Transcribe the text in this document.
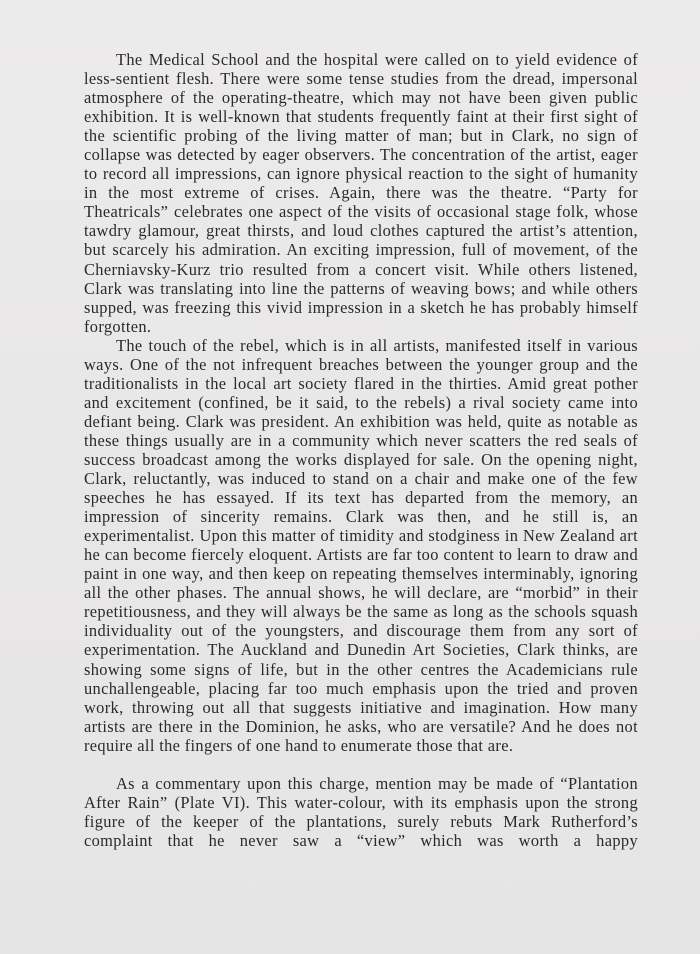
The Medical School and the hospital were called on to yield evidence of less-sentient flesh. There were some tense studies from the dread, impersonal atmosphere of the operating-theatre, which may not have been given public exhibition. It is well-known that students frequently faint at their first sight of the scientific probing of the living matter of man; but in Clark, no sign of collapse was detected by eager observers. The concentration of the artist, eager to record all impressions, can ignore physical reaction to the sight of humanity in the most extreme of crises. Again, there was the theatre. “Party for Theatricals” celebrates one aspect of the visits of occasional stage folk, whose tawdry glamour, great thirsts, and loud clothes captured the artist’s attention, but scarcely his admiration. An exciting impression, full of movement, of the Cherniavsky-Kurz trio resulted from a concert visit. While others listened, Clark was translating into line the patterns of weaving bows; and while others supped, was freezing this vivid impression in a sketch he has probably himself forgotten.

The touch of the rebel, which is in all artists, manifested itself in various ways. One of the not infrequent breaches between the younger group and the traditionalists in the local art society flared in the thirties. Amid great pother and excitement (confined, be it said, to the rebels) a rival society came into defiant being. Clark was president. An exhibition was held, quite as notable as these things usually are in a community which never scatters the red seals of success broadcast among the works displayed for sale. On the opening night, Clark, reluctantly, was induced to stand on a chair and make one of the few speeches he has essayed. If its text has departed from the memory, an impression of sincerity remains. Clark was then, and he still is, an experimentalist. Upon this matter of timidity and stodginess in New Zealand art he can become fiercely eloquent. Artists are far too content to learn to draw and paint in one way, and then keep on repeating themselves interminably, ignoring all the other phases. The annual shows, he will declare, are “morbid” in their repetitiousness, and they will always be the same as long as the schools squash individuality out of the youngsters, and discourage them from any sort of experimentation. The Auckland and Dunedin Art Societies, Clark thinks, are showing some signs of life, but in the other centres the Academicians rule unchallengeable, placing far too much emphasis upon the tried and proven work, throwing out all that suggests initiative and imagination. How many artists are there in the Dominion, he asks, who are versatile? And he does not require all the fingers of one hand to enumerate those that are.

As a commentary upon this charge, mention may be made of “Plantation After Rain” (Plate VI). This water-colour, with its emphasis upon the strong figure of the keeper of the plantations, surely rebuts Mark Rutherford’s complaint that he never saw a “view” which was worth a happy
